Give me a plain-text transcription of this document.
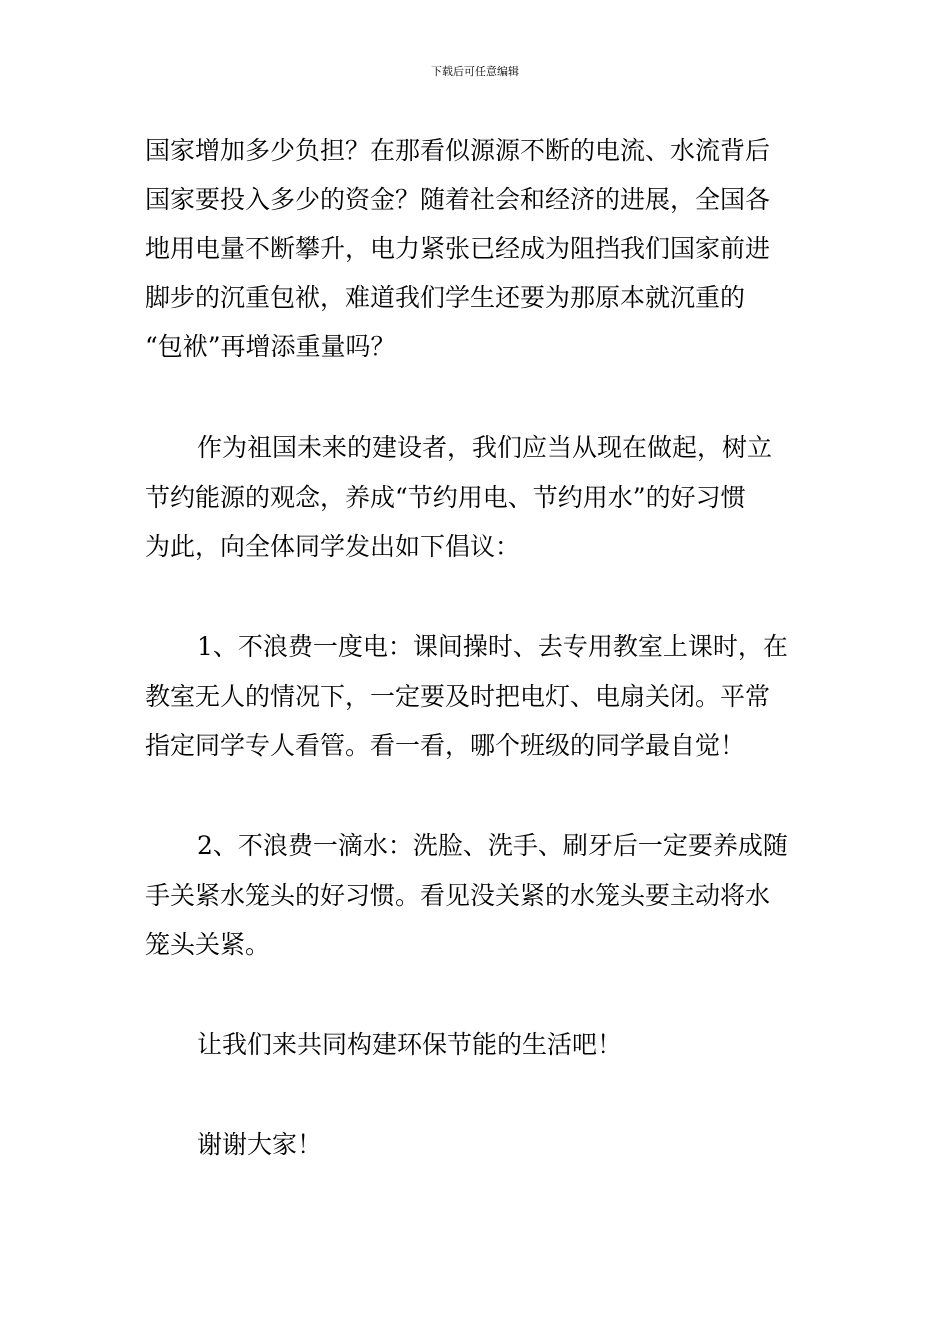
下载后可任意编辑
国家增加多少负担？在那看似源源不断的电流、水流背后
国家要投入多少的资金？随着社会和经济的进展，全国各
地用电量不断攀升，电力紧张已经成为阻挡我们国家前进
脚步的沉重包袱，难道我们学生还要为那原本就沉重的
“包袱”再增添重量吗？
作为祖国未来的建设者，我们应当从现在做起，树立
节约能源的观念，养成“节约用电、节约用水”的好习惯
为此，向全体同学发出如下倡议：
1、不浪费一度电：课间操时、去专用教室上课时，在
教室无人的情况下，一定要及时把电灯、电扇关闭。平常
指定同学专人看管。看一看，哪个班级的同学最自觉！
2、不浪费一滴水：洗脸、洗手、刷牙后一定要养成随
手关紧水笼头的好习惯。看见没关紧的水笼头要主动将水
笼头关紧。
让我们来共同构建环保节能的生活吧！
谢谢大家！
